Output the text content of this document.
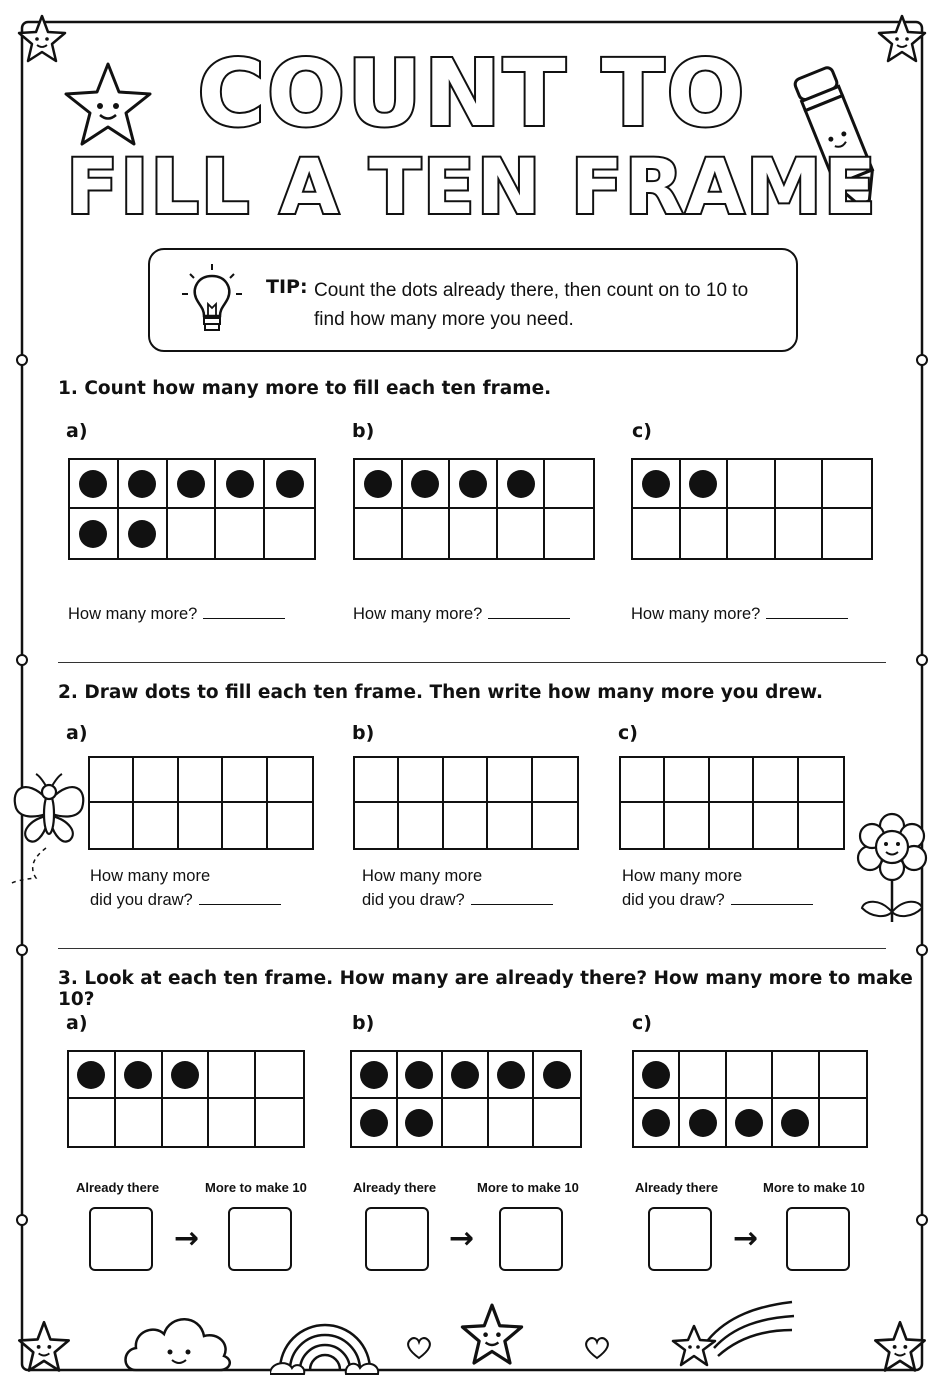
COUNT TO
FILL A TEN FRAME
TIP: Count the dots already there, then count on to 10 to find how many more you need.
1. Count how many more to fill each ten frame.
a)	b)	c)
How many more?	How many more?	How many more?
2. Draw dots to fill each ten frame. Then write how many more you drew.
a)	b)	c)
How many more
did you draw?
How many more
did you draw?
How many more
did you draw?
3. Look at each ten frame. How many are already there? How many more to make 10?
a)	b)	c)
Already there	More to make 10
→
Already there	More to make 10
→
Already there	More to make 10
→
